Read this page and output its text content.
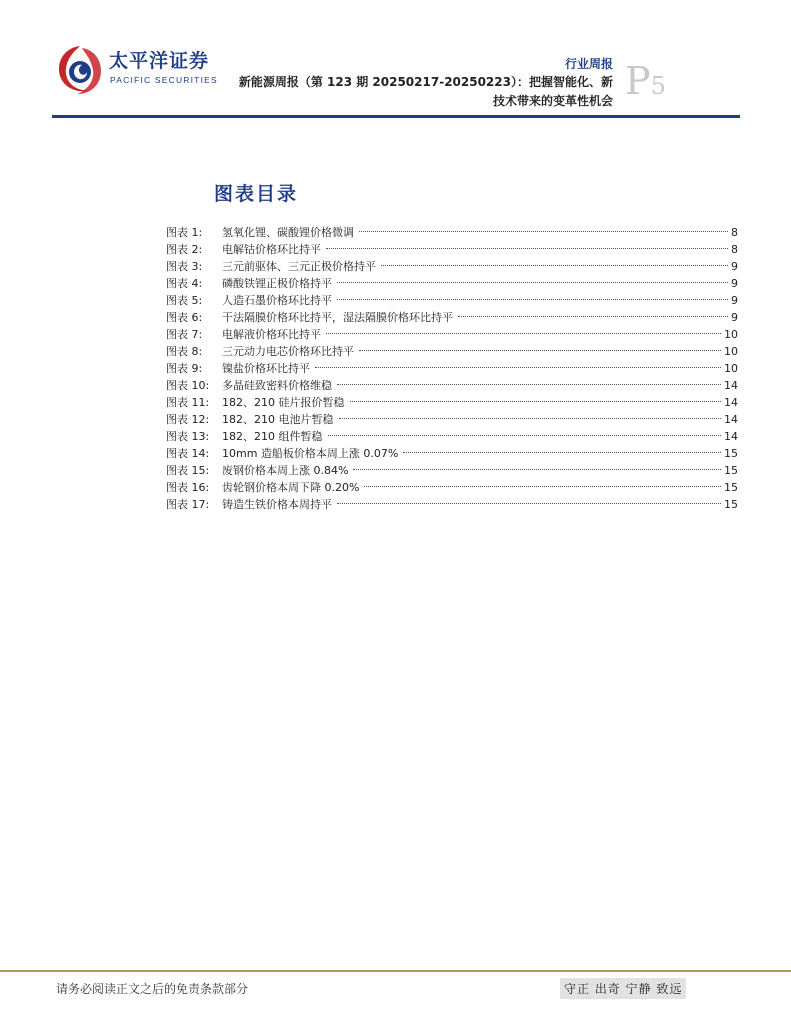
太平洋证券
PACIFIC SECURITIES
行业周报
新能源周报（第 123 期 20250217-20250223）：把握智能化、新
技术带来的变革性机会 P5
图表目录
图表 1:	氢氧化锂、碳酸锂价格微调	8
图表 2:	电解钴价格环比持平	8
图表 3:	三元前驱体、三元正极价格持平	9
图表 4:	磷酸铁锂正极价格持平	9
图表 5:	人造石墨价格环比持平	9
图表 6:	干法隔膜价格环比持平，湿法隔膜价格环比持平	9
图表 7:	电解液价格环比持平	10
图表 8:	三元动力电芯价格环比持平	10
图表 9:	镍盐价格环比持平	10
图表 10:	多晶硅致密料价格维稳	14
图表 11:	182、210 硅片报价暂稳	14
图表 12:	182、210 电池片暂稳	14
图表 13:	182、210 组件暂稳	14
图表 14:	10mm 造船板价格本周上涨 0.07%	15
图表 15:	废钢价格本周上涨 0.84%	15
图表 16:	齿轮钢价格本周下降 0.20%	15
图表 17:	铸造生铁价格本周持平	15
请务必阅读正文之后的免责条款部分	守正 出奇 宁静 致远
